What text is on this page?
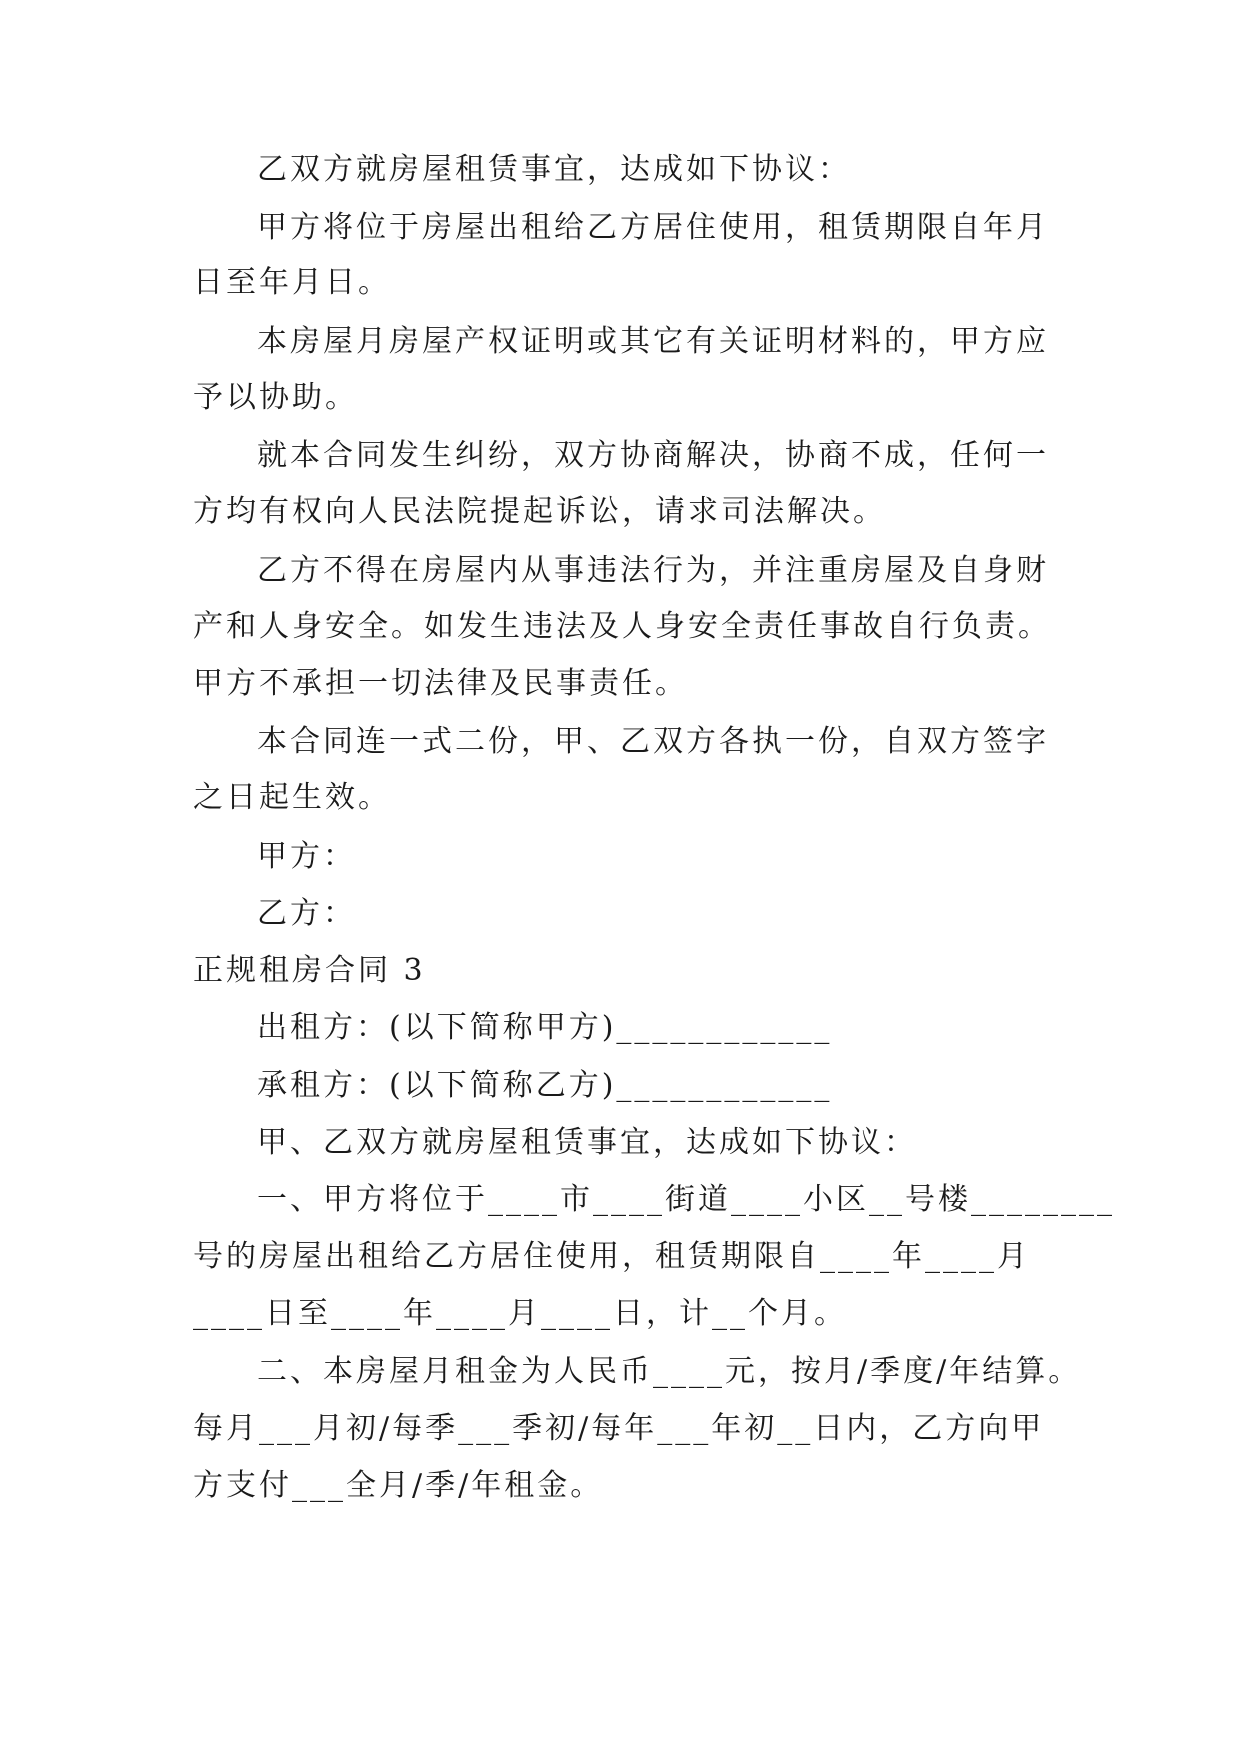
乙双方就房屋租赁事宜，达成如下协议：

甲方将位于房屋出租给乙方居住使用，租赁期限自年月

日至年月日。

本房屋月房屋产权证明或其它有关证明材料的，甲方应

予以协助。

就本合同发生纠纷，双方协商解决，协商不成，任何一

方均有权向人民法院提起诉讼，请求司法解决。

乙方不得在房屋内从事违法行为，并注重房屋及自身财

产和人身安全。如发生违法及人身安全责任事故自行负责。

甲方不承担一切法律及民事责任。

本合同连一式二份，甲、乙双方各执一份，自双方签字

之日起生效。

甲方：

乙方：

正规租房合同 3

出租方：(以下简称甲方)____________

承租方：(以下简称乙方)____________

甲、乙双方就房屋租赁事宜，达成如下协议：

一、甲方将位于____市____街道____小区__号楼________

号的房屋出租给乙方居住使用，租赁期限自____年____月

____日至____年____月____日，计__个月。

二、本房屋月租金为人民币____元，按月/季度/年结算。

每月___月初/每季___季初/每年___年初__日内，乙方向甲

方支付___全月/季/年租金。
